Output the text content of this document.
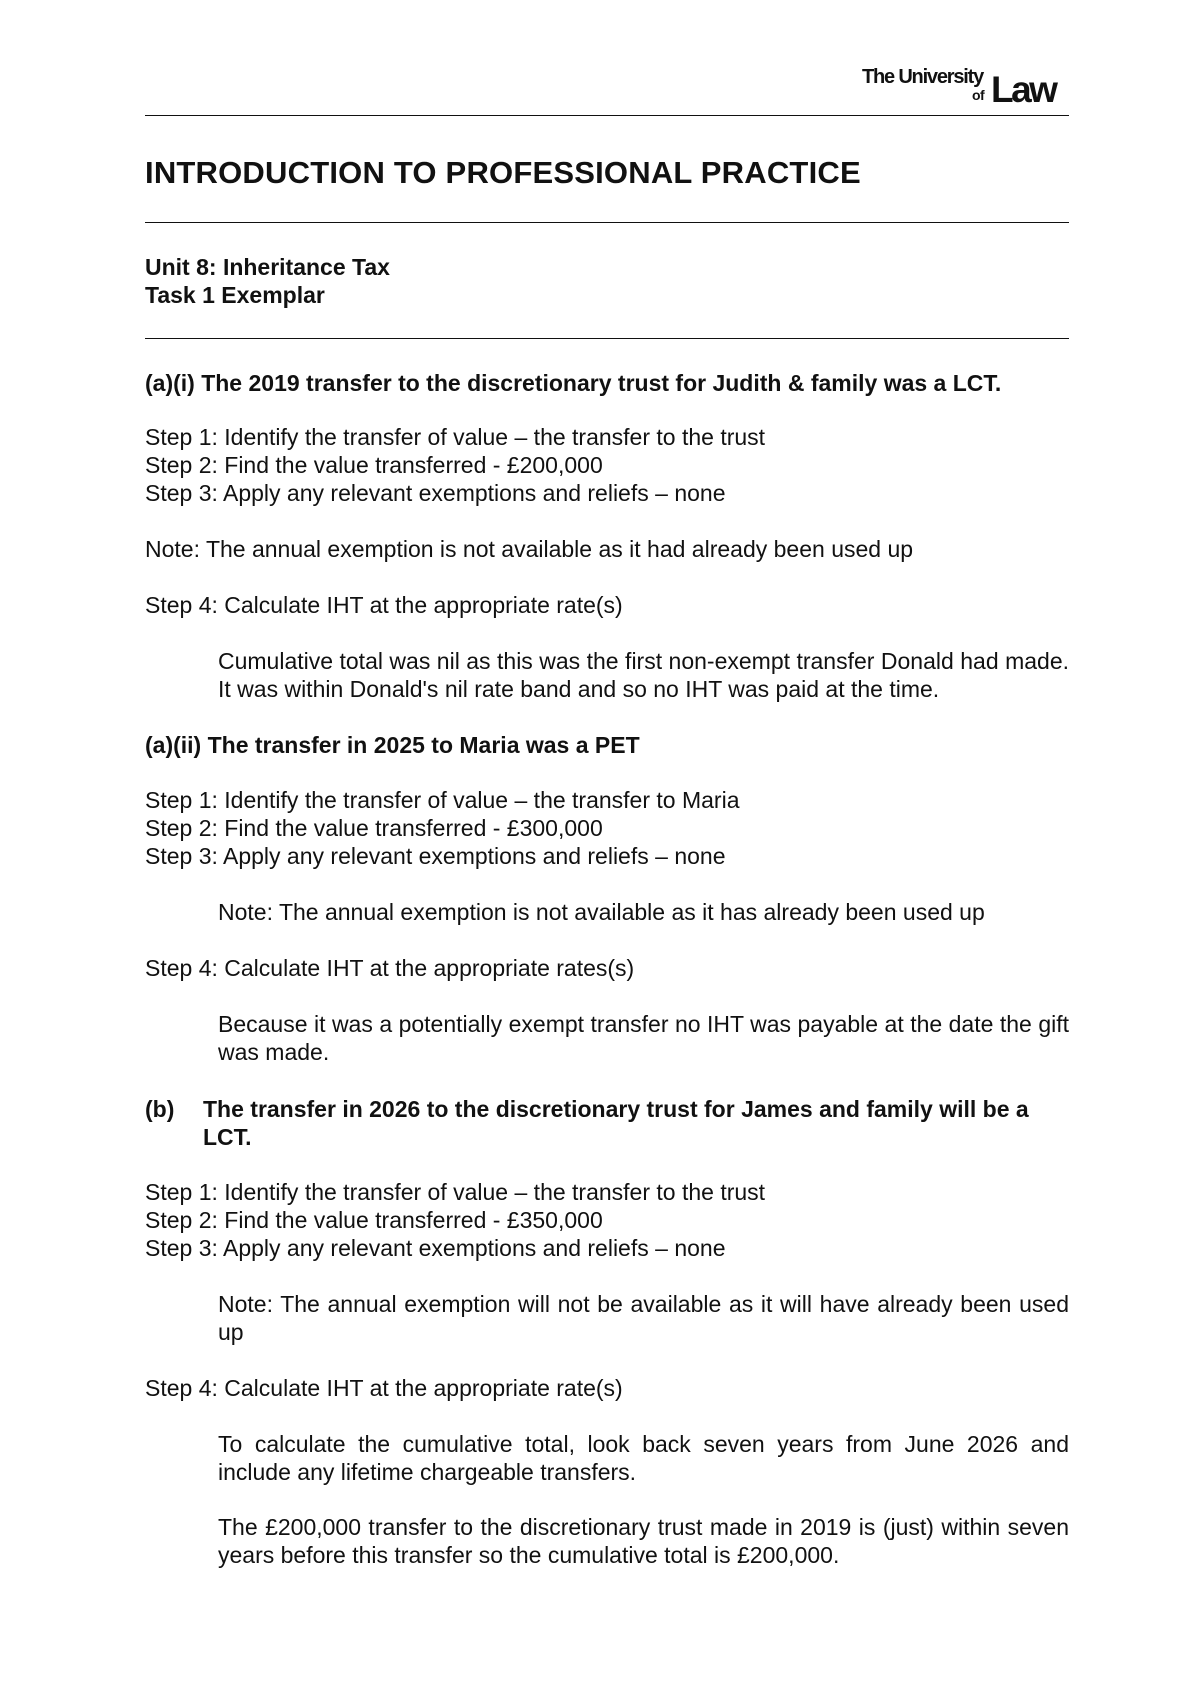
The University
of Law
INTRODUCTION TO PROFESSIONAL PRACTICE
Unit 8: Inheritance Tax
Task 1 Exemplar
(a)(i) The 2019 transfer to the discretionary trust for Judith & family was a LCT.
Step 1: Identify the transfer of value – the transfer to the trust
Step 2: Find the value transferred - £200,000
Step 3: Apply any relevant exemptions and reliefs – none
Note: The annual exemption is not available as it had already been used up
Step 4: Calculate IHT at the appropriate rate(s)
Cumulative total was nil as this was the first non-exempt transfer Donald had made. It was within Donald's nil rate band and so no IHT was paid at the time.
(a)(ii) The transfer in 2025 to Maria was a PET
Step 1: Identify the transfer of value – the transfer to Maria
Step 2: Find the value transferred - £300,000
Step 3: Apply any relevant exemptions and reliefs – none
Note: The annual exemption is not available as it has already been used up
Step 4: Calculate IHT at the appropriate rates(s)
Because it was a potentially exempt transfer no IHT was payable at the date the gift was made.
(b) The transfer in 2026 to the discretionary trust for James and family will be a LCT.
Step 1: Identify the transfer of value – the transfer to the trust
Step 2: Find the value transferred - £350,000
Step 3: Apply any relevant exemptions and reliefs – none
Note: The annual exemption will not be available as it will have already been used up
Step 4: Calculate IHT at the appropriate rate(s)
To calculate the cumulative total, look back seven years from June 2026 and include any lifetime chargeable transfers.
The £200,000 transfer to the discretionary trust made in 2019 is (just) within seven years before this transfer so the cumulative total is £200,000.
